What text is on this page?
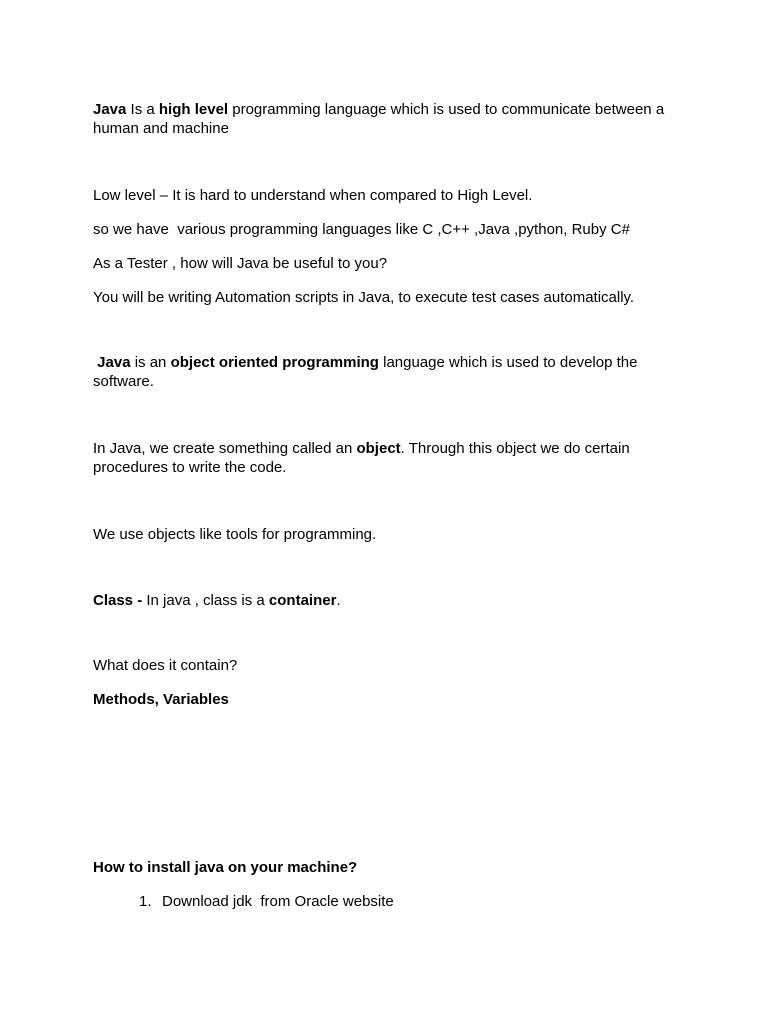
Java Is a high level programming language which is used to communicate between a human and machine

Low level – It is hard to understand when compared to High Level.

so we have  various programming languages like C ,C++ ,Java ,python, Ruby C#

As a Tester , how will Java be useful to you?

You will be writing Automation scripts in Java, to execute test cases automatically.

Java is an object oriented programming language which is used to develop the software.

In Java, we create something called an object. Through this object we do certain procedures to write the code.

We use objects like tools for programming.

Class - In java , class is a container.

What does it contain?

Methods, Variables

How to install java on your machine?

1. Download jdk  from Oracle website
